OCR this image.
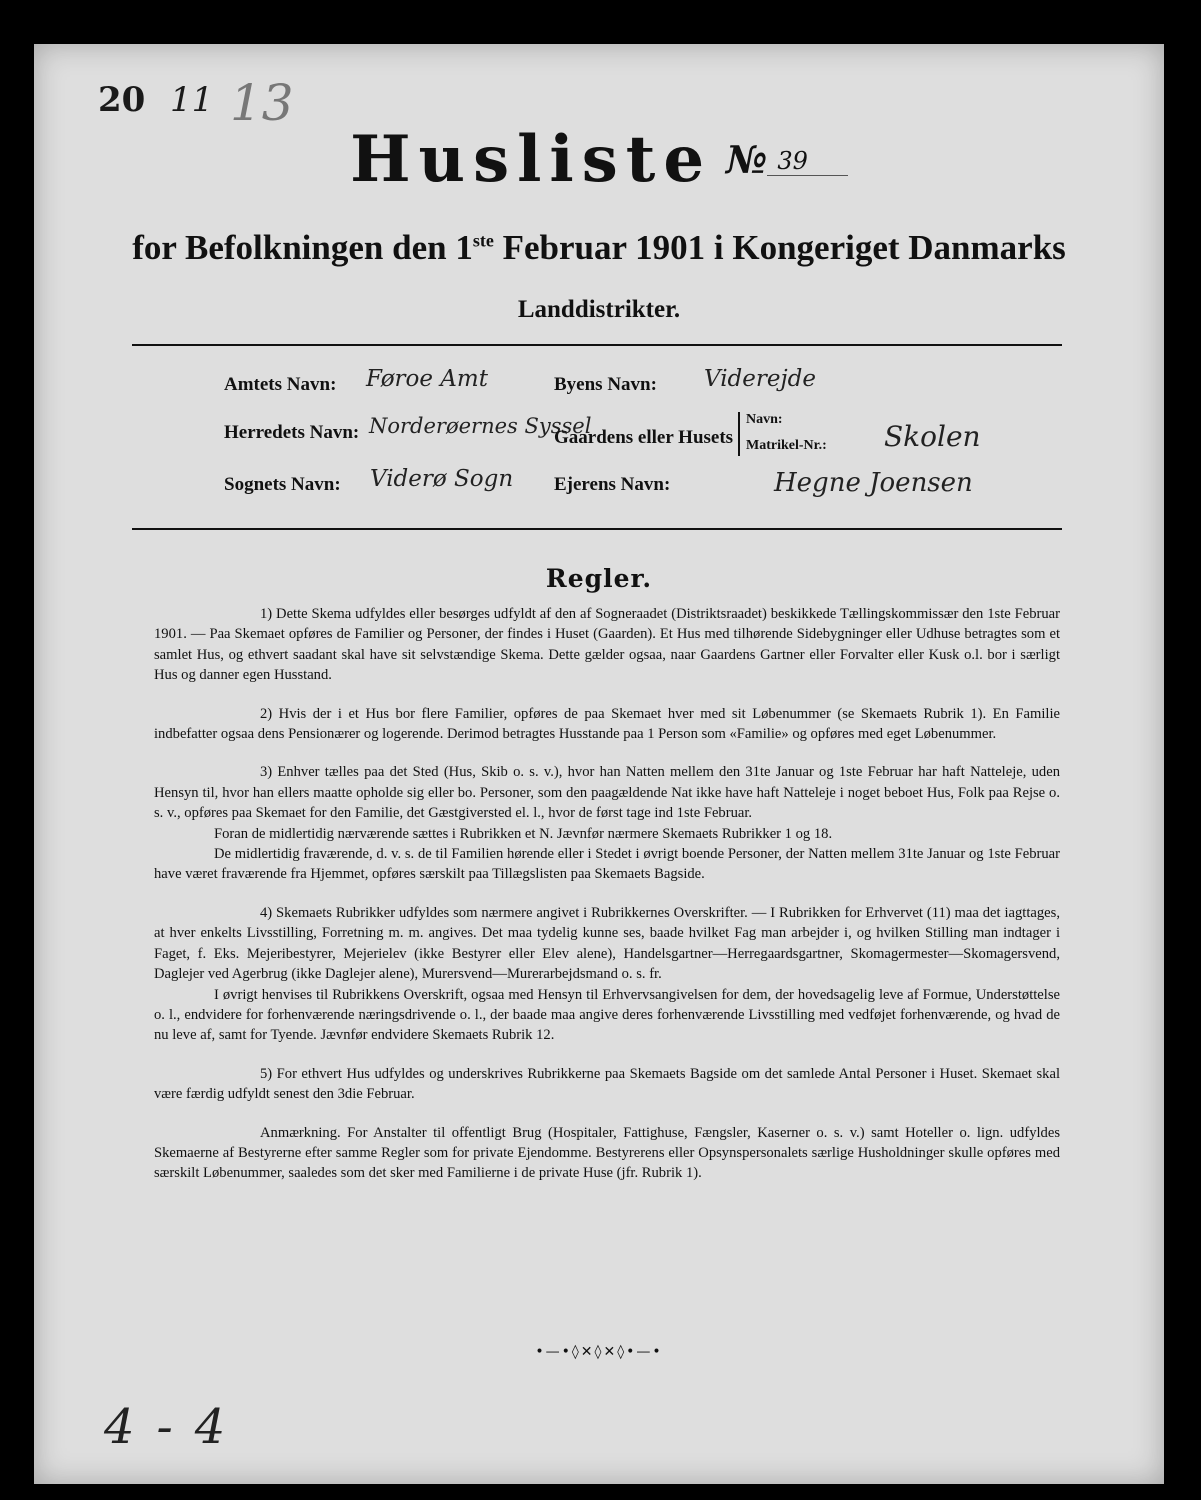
20 11 13
Husliste № 39
for Befolkningen den 1ste Februar 1901 i Kongeriget Danmarks
Landdistrikter.
Amtets Navn: Føroe Amt
Herredets Navn: Norderøernes Syssel
Sognets Navn: Viderø Sogn
Byens Navn: Viderejde
Gaardens eller Husets
Navn:
Matrikel-Nr.: Skolen
Ejerens Navn:	Hegne Joensen
Regler.

1) Dette Skema udfyldes eller besørges udfyldt af den af Sogneraadet (Distriktsraadet) beskikkede Tællingskommissær den 1ste Februar 1901. — Paa Skemaet opføres de Familier og Personer, der findes i Huset (Gaarden). Et Hus med tilhørende Sidebygninger eller Udhuse betragtes som et samlet Hus, og ethvert saadant skal have sit selvstændige Skema. Dette gælder ogsaa, naar Gaardens Gartner eller Forvalter eller Kusk o.l. bor i særligt Hus og danner egen Husstand.

2) Hvis der i et Hus bor flere Familier, opføres de paa Skemaet hver med sit Løbenummer (se Skemaets Rubrik 1). En Familie indbefatter ogsaa dens Pensionærer og logerende. Derimod betragtes Husstande paa 1 Person som «Familie» og opføres med eget Løbenummer.

3) Enhver tælles paa det Sted (Hus, Skib o. s. v.), hvor han Natten mellem den 31te Januar og 1ste Februar har haft Natteleje, uden Hensyn til, hvor han ellers maatte opholde sig eller bo. Personer, som den paagældende Nat ikke have haft Natteleje i noget beboet Hus, Folk paa Rejse o. s. v., opføres paa Skemaet for den Familie, det Gæstgiversted el. l., hvor de først tage ind 1ste Februar.

Foran de midlertidig nærværende sættes i Rubrikken et N. Jævnfør nærmere Skemaets Rubrikker 1 og 18.

De midlertidig fraværende, d. v. s. de til Familien hørende eller i Stedet i øvrigt boende Personer, der Natten mellem 31te Januar og 1ste Februar have været fraværende fra Hjemmet, opføres særskilt paa Tillægslisten paa Skemaets Bagside.

4) Skemaets Rubrikker udfyldes som nærmere angivet i Rubrikkernes Overskrifter. — I Rubrikken for Erhvervet (11) maa det iagttages, at hver enkelts Livsstilling, Forretning m. m. angives. Det maa tydelig kunne ses, baade hvilket Fag man arbejder i, og hvilken Stilling man indtager i Faget, f. Eks. Mejeribestyrer, Mejerielev (ikke Bestyrer eller Elev alene), Handelsgartner—Herregaardsgartner, Skomagermester—Skomagersvend, Daglejer ved Agerbrug (ikke Daglejer alene), Murersvend—Murerarbejdsmand o. s. fr.

I øvrigt henvises til Rubrikkens Overskrift, ogsaa med Hensyn til Erhvervsangivelsen for dem, der hovedsagelig leve af Formue, Understøttelse o. l., endvidere for forhenværende næringsdrivende o. l., der baade maa angive deres forhenværende Livsstilling med vedføjet forhenværende, og hvad de nu leve af, samt for Tyende. Jævnfør endvidere Skemaets Rubrik 12.

5) For ethvert Hus udfyldes og underskrives Rubrikkerne paa Skemaets Bagside om det samlede Antal Personer i Huset. Skemaet skal være færdig udfyldt senest den 3die Februar.

Anmærkning. For Anstalter til offentligt Brug (Hospitaler, Fattighuse, Fængsler, Kaserner o. s. v.) samt Hoteller o. lign. udfyldes Skemaerne af Bestyrerne efter samme Regler som for private Ejendomme. Bestyrerens eller Opsynspersonalets særlige Husholdninger skulle opføres med særskilt Løbenummer, saaledes som det sker med Familierne i de private Huse (jfr. Rubrik 1).

•—•◊✕◊✕◊•—•
4-4
